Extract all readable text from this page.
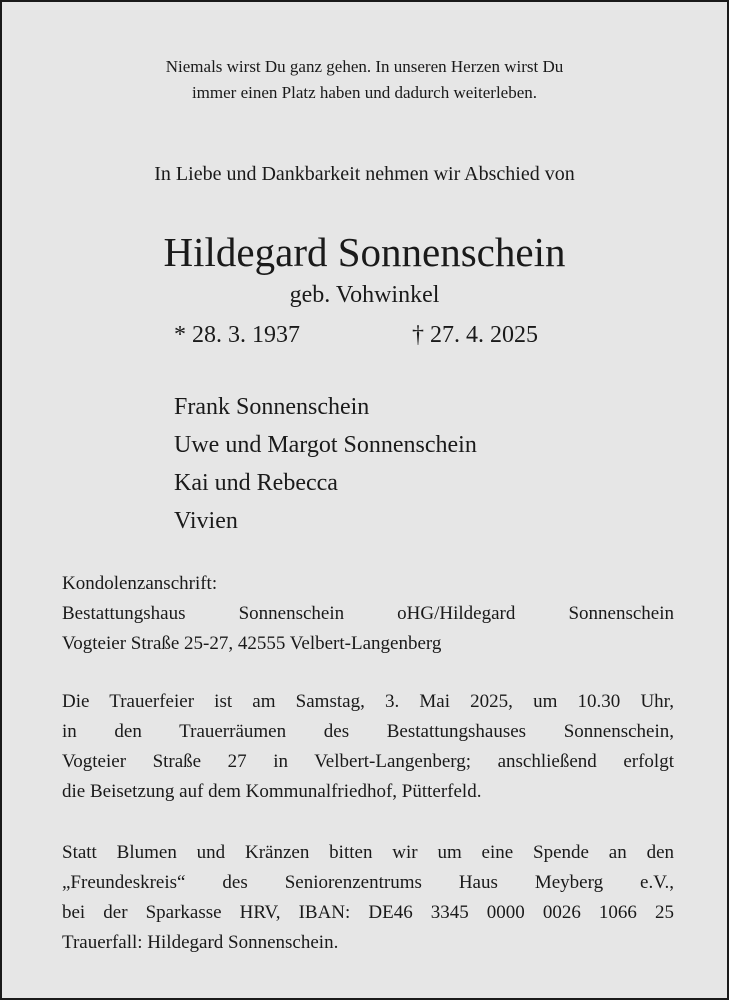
Niemals wirst Du ganz gehen. In unseren Herzen wirst Du
immer einen Platz haben und dadurch weiterleben.
In Liebe und Dankbarkeit nehmen wir Abschied von
Hildegard Sonnenschein
geb. Vohwinkel
* 28. 3. 1937	† 27. 4. 2025
Frank Sonnenschein
Uwe und Margot Sonnenschein
Kai und Rebecca
Vivien
Kondolenzanschrift:
Bestattungshaus Sonnenschein oHG/Hildegard Sonnenschein
Vogteier Straße 25-27, 42555 Velbert-Langenberg
Die Trauerfeier ist am Samstag, 3. Mai 2025, um 10.30 Uhr,
in den Trauerräumen des Bestattungshauses Sonnenschein,
Vogteier Straße 27 in Velbert-Langenberg; anschließend erfolgt
die Beisetzung auf dem Kommunalfriedhof, Pütterfeld.
Statt Blumen und Kränzen bitten wir um eine Spende an den
„Freundeskreis“ des Seniorenzentrums Haus Meyberg e.V.,
bei der Sparkasse HRV, IBAN: DE46 3345 0000 0026 1066 25
Trauerfall: Hildegard Sonnenschein.
